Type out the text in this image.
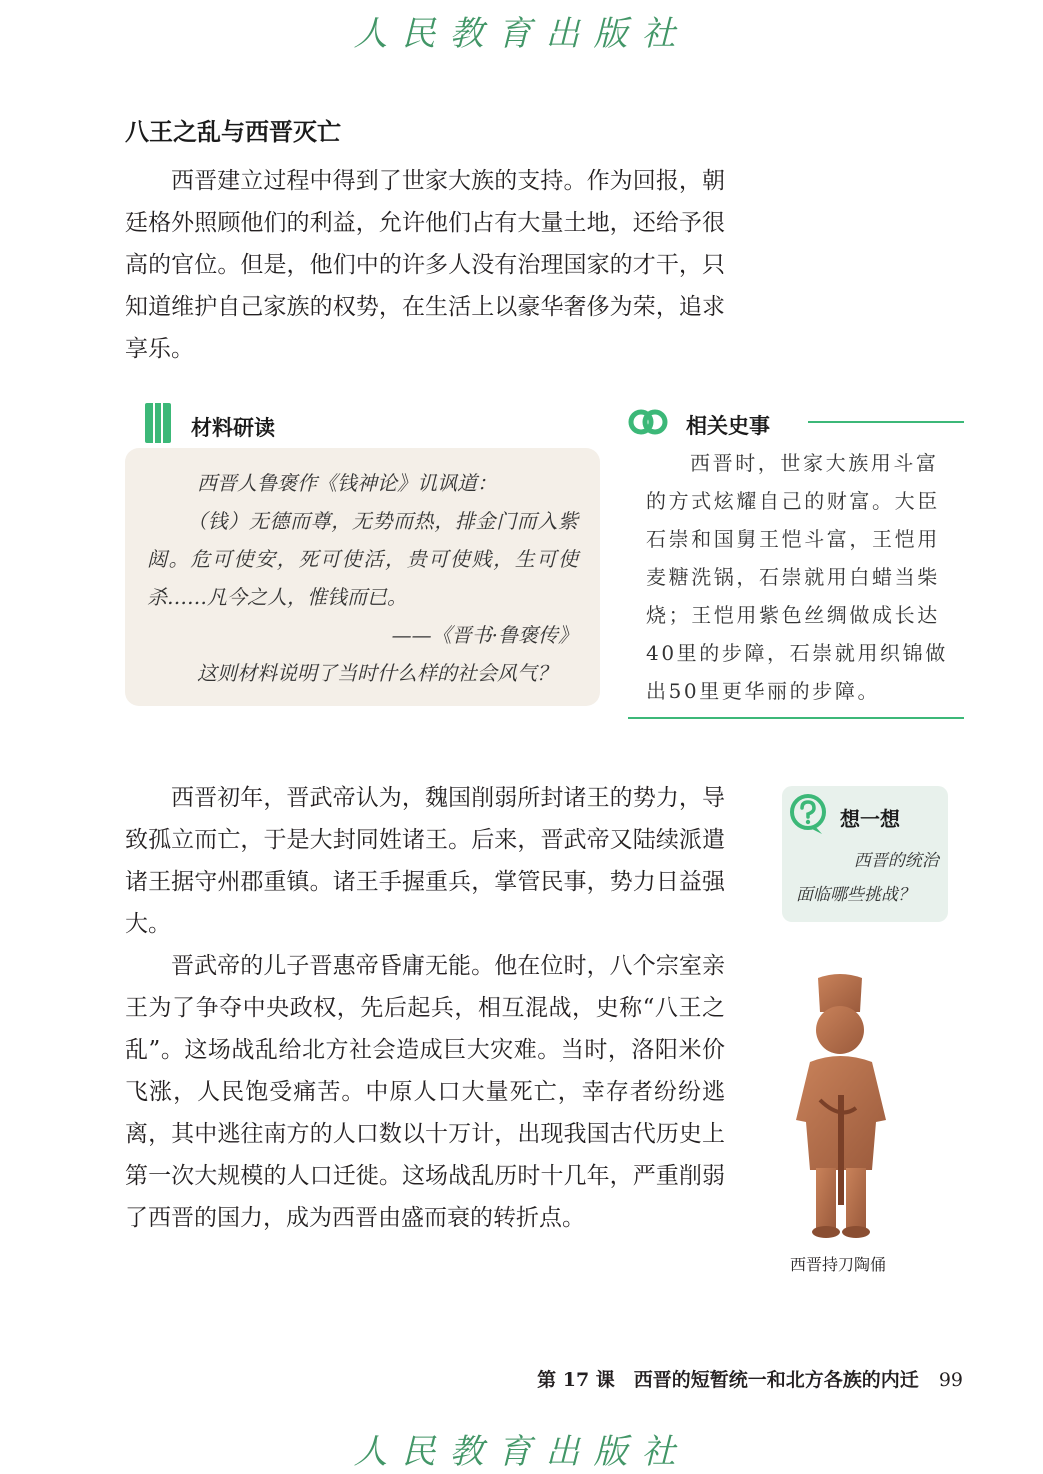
人民教育出版社
八王之乱与西晋灭亡

西晋建立过程中得到了世家大族的支持。作为回报，朝廷格外照顾他们的利益，允许他们占有大量土地，还给予很高的官位。但是，他们中的许多人没有治理国家的才干，只知道维护自己家族的权势，在生活上以豪华奢侈为荣，追求享乐。

材料研读

西晋人鲁褒作《钱神论》讥讽道：

（钱）无德而尊，无势而热，排金门而入紫闼。危可使安，死可使活，贵可使贱，生可使杀……凡今之人，惟钱而已。

——《晋书·鲁褒传》

这则材料说明了当时什么样的社会风气？

相关史事

西晋时，世家大族用斗富
的方式炫耀自己的财富。大臣
石崇和国舅王恺斗富，王恺用
麦糖洗锅，石崇就用白蜡当柴
烧；王恺用紫色丝绸做成长达
40里的步障，石崇就用织锦做
出50里更华丽的步障。

西晋初年，晋武帝认为，魏国削弱所封诸王的势力，导致孤立而亡，于是大封同姓诸王。后来，晋武帝又陆续派遣诸王据守州郡重镇。诸王手握重兵，掌管民事，势力日益强大。

晋武帝的儿子晋惠帝昏庸无能。他在位时，八个宗室亲王为了争夺中央政权，先后起兵，相互混战，史称“八王之乱”。这场战乱给北方社会造成巨大灾难。当时，洛阳米价飞涨，人民饱受痛苦。中原人口大量死亡，幸存者纷纷逃离，其中逃往南方的人口数以十万计，出现我国古代历史上第一次大规模的人口迁徙。这场战乱历时十几年，严重削弱了西晋的国力，成为西晋由盛而衰的转折点。

想一想
西晋的统治
面临哪些挑战？
西晋持刀陶俑
第 17 课　西晋的短暂统一和北方各族的内迁 99
人民教育出版社
